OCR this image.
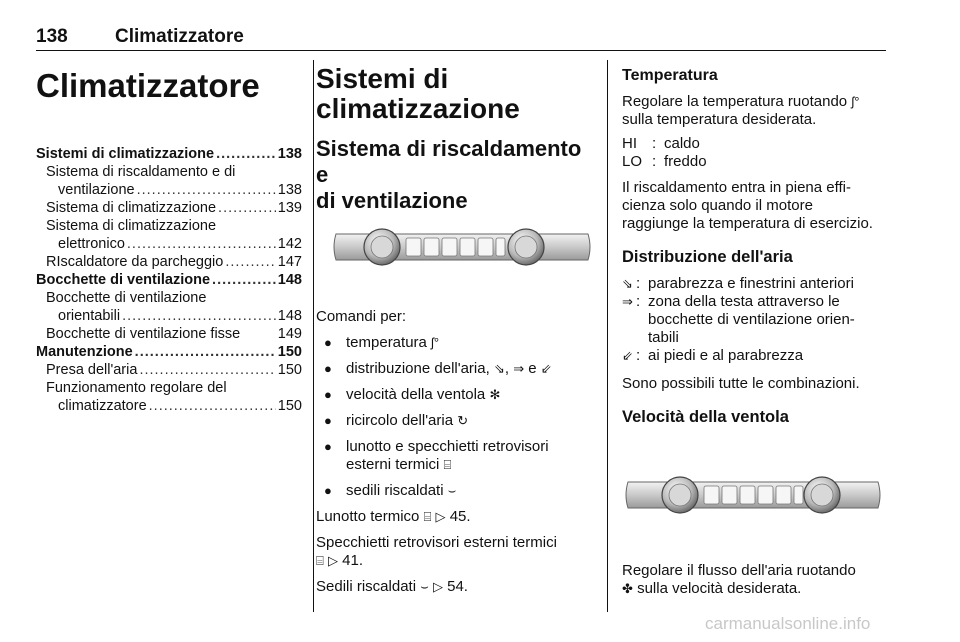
138 Climatizzatore
Climatizzatore
Sistemi di climatizzazione .....	138
Sistema di riscaldamento e di
ventilazione .....	138
Sistema di climatizzazione .....	139
Sistema di climatizzazione
elettronico .....	142
RIscaldatore da parcheggio .....	147
Bocchette di ventilazione .....	148
Bocchette di ventilazione
orientabili .....	148
Bocchette di ventilazione fisse	149
Manutenzione .....	150
Presa dell'aria .....	150
Funzionamento regolare del
climatizzatore .....	150
Sistemi di
climatizzazione
Sistema di riscaldamento e
di ventilazione

Comandi per:

● temperatura ʃ°
● distribuzione dell'aria, ⇘, ⇒ e ⇙
● velocità della ventola ✻
● ricircolo dell'aria ↻
● lunotto e specchietti retrovisori
esterni termici ⌸
● sedili riscaldati ⌣

Lunotto termico ⌸ ▷ 45.

Specchietti retrovisori esterni termici
⌸ ▷ 41.

Sedili riscaldati ⌣ ▷ 54.

Temperatura

Regolare la temperatura ruotando ʃ°
sulla temperatura desiderata.

HI	: caldo
LO : freddo

Il riscaldamento entra in piena effi-
cienza solo quando il motore
raggiunge la temperatura di esercizio.

Distribuzione dell'aria
⇘ : parabrezza e finestrini anteriori
⇒ : zona della testa attraverso le
bocchette di ventilazione orien-
tabili
⇙ : ai piedi e al parabrezza

Sono possibili tutte le combinazioni.

Velocità della ventola

Regolare il flusso dell'aria ruotando
✤ sulla velocità desiderata.

carmanualsonline.info
